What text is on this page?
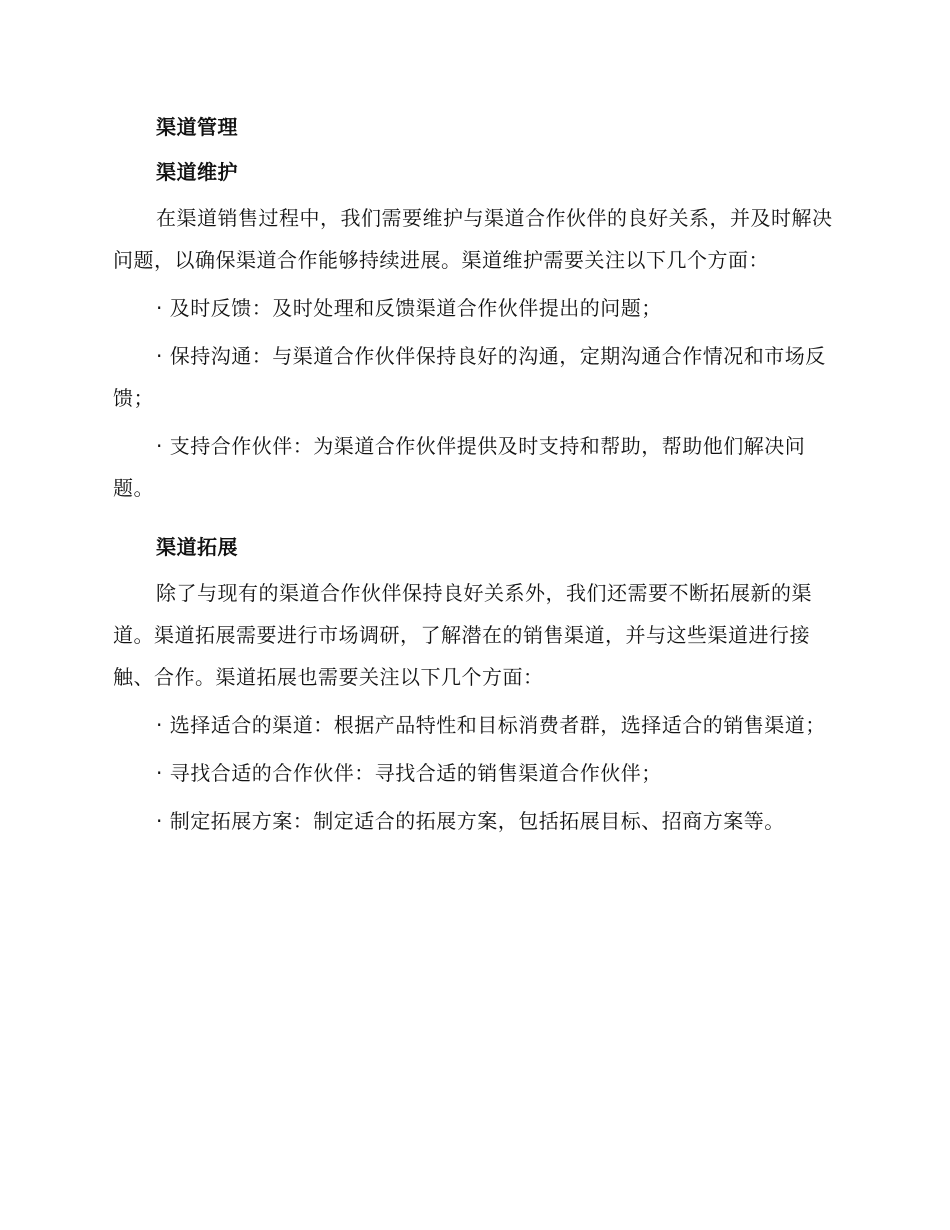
渠道管理
渠道维护

在渠道销售过程中，我们需要维护与渠道合作伙伴的良好关系，并及时解决问题，以确保渠道合作能够持续进展。渠道维护需要关注以下几个方面：

· 及时反馈：及时处理和反馈渠道合作伙伴提出的问题；

· 保持沟通：与渠道合作伙伴保持良好的沟通，定期沟通合作情况和市场反馈；

· 支持合作伙伴：为渠道合作伙伴提供及时支持和帮助，帮助他们解决问题。

渠道拓展

除了与现有的渠道合作伙伴保持良好关系外，我们还需要不断拓展新的渠道。渠道拓展需要进行市场调研，了解潜在的销售渠道，并与这些渠道进行接触、合作。渠道拓展也需要关注以下几个方面：

· 选择适合的渠道：根据产品特性和目标消费者群，选择适合的销售渠道；

· 寻找合适的合作伙伴：寻找合适的销售渠道合作伙伴；

· 制定拓展方案：制定适合的拓展方案，包括拓展目标、招商方案等。
